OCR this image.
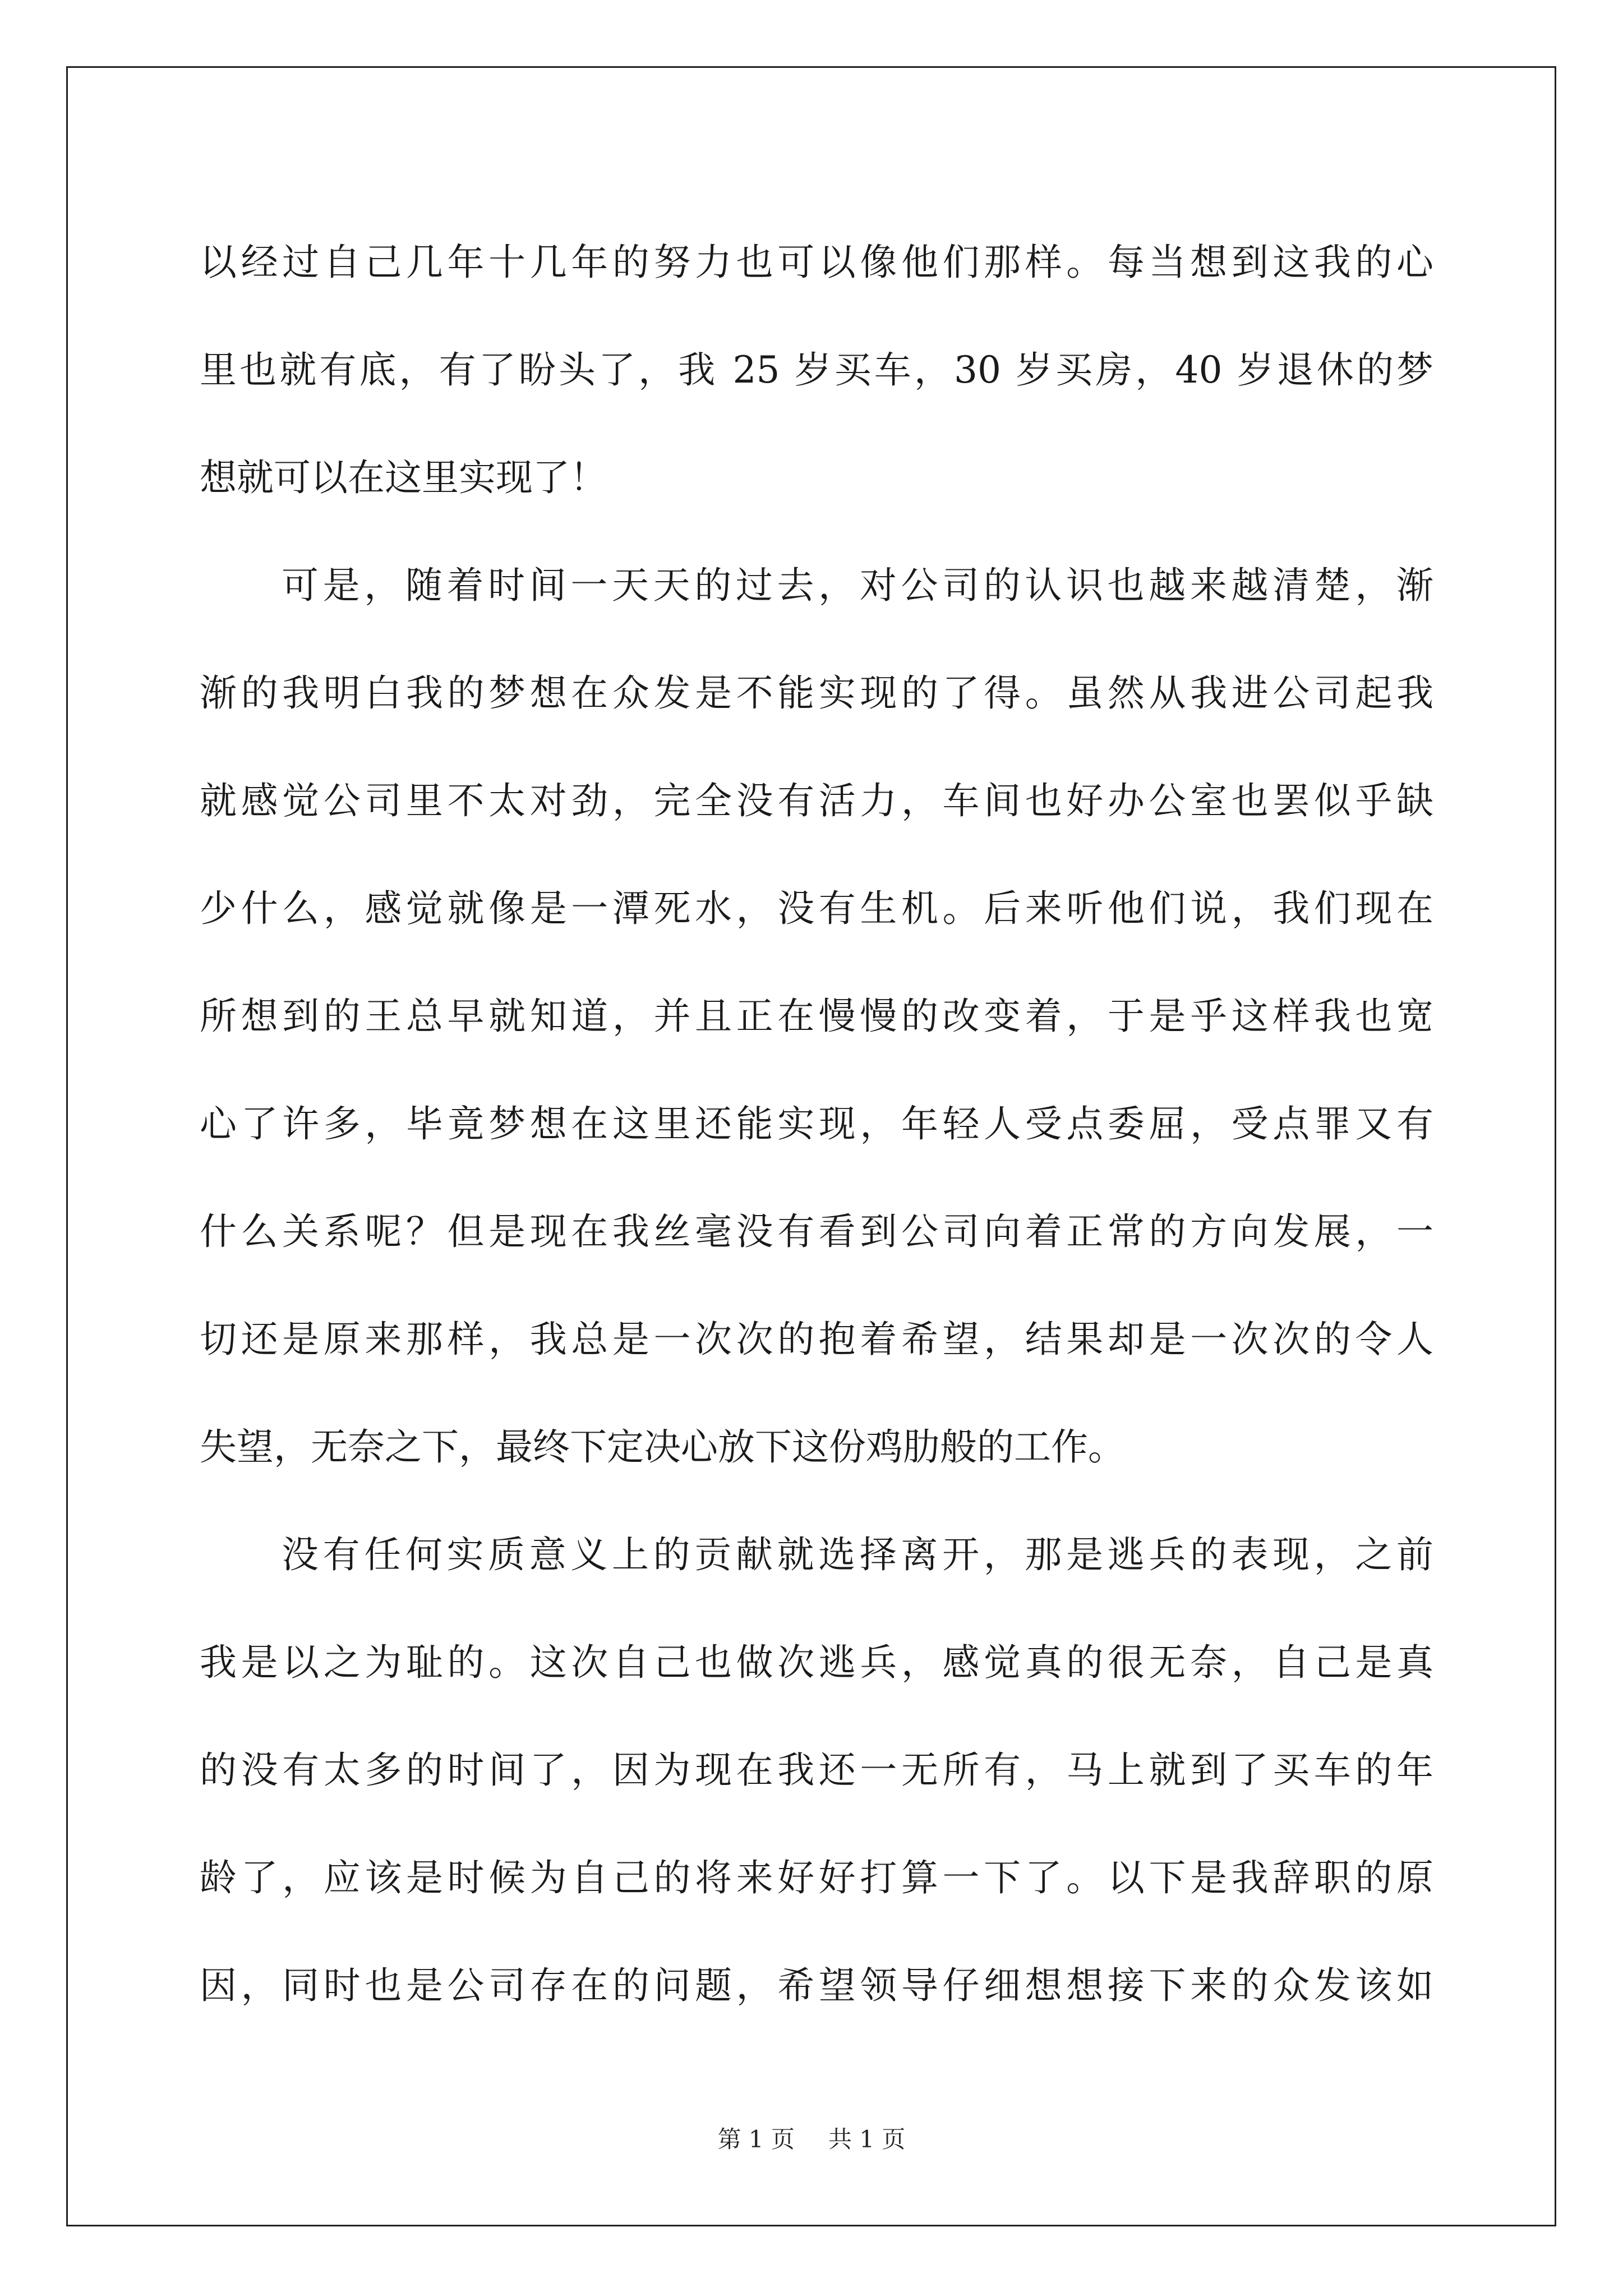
以经过自己几年十几年的努力也可以像他们那样。每当想到这我的心
里也就有底，有了盼头了，我 25 岁买车，30 岁买房，40 岁退休的梦
想就可以在这里实现了！
可是，随着时间一天天的过去，对公司的认识也越来越清楚，渐
渐的我明白我的梦想在众发是不能实现的了得。虽然从我进公司起我
就感觉公司里不太对劲，完全没有活力，车间也好办公室也罢似乎缺
少什么，感觉就像是一潭死水，没有生机。后来听他们说，我们现在
所想到的王总早就知道，并且正在慢慢的改变着，于是乎这样我也宽
心了许多，毕竟梦想在这里还能实现，年轻人受点委屈，受点罪又有
什么关系呢？但是现在我丝毫没有看到公司向着正常的方向发展，一
切还是原来那样，我总是一次次的抱着希望，结果却是一次次的令人
失望，无奈之下，最终下定决心放下这份鸡肋般的工作。
没有任何实质意义上的贡献就选择离开，那是逃兵的表现，之前
我是以之为耻的。这次自己也做次逃兵，感觉真的很无奈，自己是真
的没有太多的时间了，因为现在我还一无所有，马上就到了买车的年
龄了，应该是时候为自己的将来好好打算一下了。以下是我辞职的原
因，同时也是公司存在的问题，希望领导仔细想想接下来的众发该如
第 1 页 共 1 页
